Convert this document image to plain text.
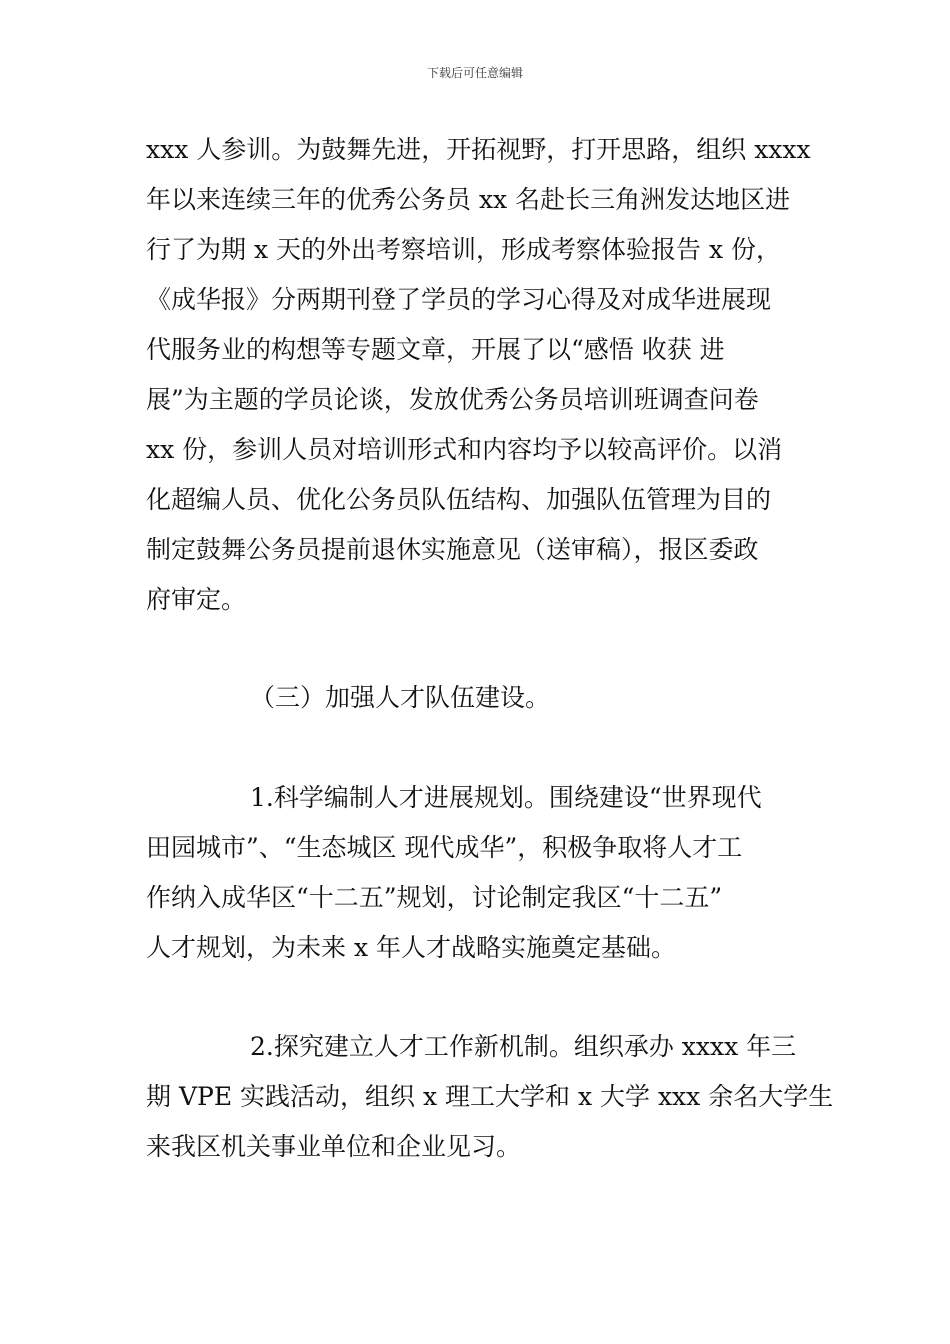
下载后可任意编辑
xxx 人参训。为鼓舞先进，开拓视野，打开思路，组织 xxxx
年以来连续三年的优秀公务员 xx 名赴长三角洲发达地区进
行了为期 x 天的外出考察培训，形成考察体验报告 x 份，
《成华报》分两期刊登了学员的学习心得及对成华进展现
代服务业的构想等专题文章，开展了以“感悟 收获 进
展”为主题的学员论谈，发放优秀公务员培训班调查问卷
xx 份，参训人员对培训形式和内容均予以较高评价。以消
化超编人员、优化公务员队伍结构、加强队伍管理为目的
制定鼓舞公务员提前退休实施意见（送审稿），报区委政
府审定。
（三）加强人才队伍建设。
1.科学编制人才进展规划。围绕建设“世界现代
田园城市”、“生态城区 现代成华”，积极争取将人才工
作纳入成华区“十二五”规划，讨论制定我区“十二五”
人才规划，为未来 x 年人才战略实施奠定基础。
2.探究建立人才工作新机制。组织承办 xxxx 年三
期 VPE 实践活动，组织 x 理工大学和 x 大学 xxx 余名大学生
来我区机关事业单位和企业见习。
